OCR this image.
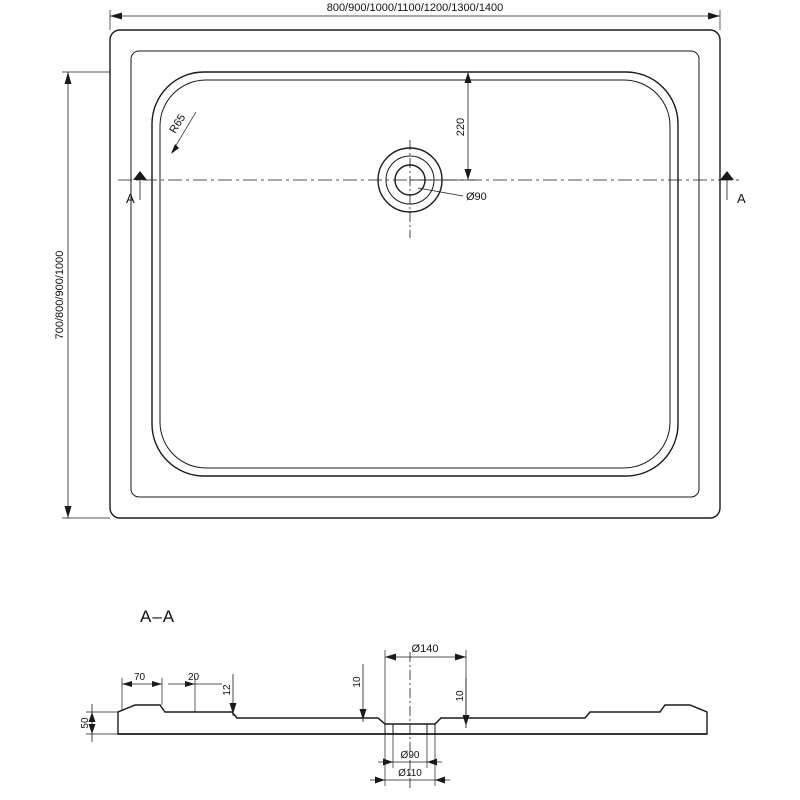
R65
A	A
Ø90
800/900/1000/1100/1200/1300/1400
700/800/900/1000
220
A–A
Ø140
70	20
12
10
10
50
Ø90
Ø110
